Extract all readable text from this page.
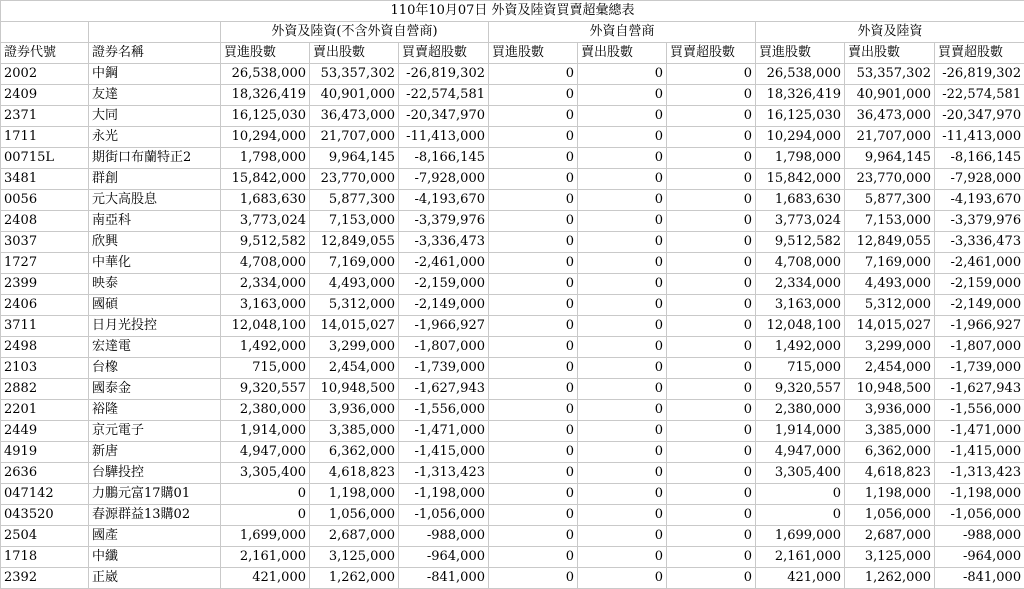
110年10月07日 外資及陸資買賣超彙總表										
		外資及陸資(不含外資自營商)			外資自營商			外資及陸資		
證券代號	證券名稱	買進股數	賣出股數	買賣超股數	買進股數	賣出股數	買賣超股數	買進股數	賣出股數	買賣超股數
2002	中鋼	26,538,000	53,357,302	-26,819,302	0	0	0	26,538,000	53,357,302	-26,819,302
2409	友達	18,326,419	40,901,000	-22,574,581	0	0	0	18,326,419	40,901,000	-22,574,581
2371	大同	16,125,030	36,473,000	-20,347,970	0	0	0	16,125,030	36,473,000	-20,347,970
1711	永光	10,294,000	21,707,000	-11,413,000	0	0	0	10,294,000	21,707,000	-11,413,000
00715L	期街口布蘭特正2	1,798,000	9,964,145	-8,166,145	0	0	0	1,798,000	9,964,145	-8,166,145
3481	群創	15,842,000	23,770,000	-7,928,000	0	0	0	15,842,000	23,770,000	-7,928,000
0056	元大高股息	1,683,630	5,877,300	-4,193,670	0	0	0	1,683,630	5,877,300	-4,193,670
2408	南亞科	3,773,024	7,153,000	-3,379,976	0	0	0	3,773,024	7,153,000	-3,379,976
3037	欣興	9,512,582	12,849,055	-3,336,473	0	0	0	9,512,582	12,849,055	-3,336,473
1727	中華化	4,708,000	7,169,000	-2,461,000	0	0	0	4,708,000	7,169,000	-2,461,000
2399	映泰	2,334,000	4,493,000	-2,159,000	0	0	0	2,334,000	4,493,000	-2,159,000
2406	國碩	3,163,000	5,312,000	-2,149,000	0	0	0	3,163,000	5,312,000	-2,149,000
3711	日月光投控	12,048,100	14,015,027	-1,966,927	0	0	0	12,048,100	14,015,027	-1,966,927
2498	宏達電	1,492,000	3,299,000	-1,807,000	0	0	0	1,492,000	3,299,000	-1,807,000
2103	台橡	715,000	2,454,000	-1,739,000	0	0	0	715,000	2,454,000	-1,739,000
2882	國泰金	9,320,557	10,948,500	-1,627,943	0	0	0	9,320,557	10,948,500	-1,627,943
2201	裕隆	2,380,000	3,936,000	-1,556,000	0	0	0	2,380,000	3,936,000	-1,556,000
2449	京元電子	1,914,000	3,385,000	-1,471,000	0	0	0	1,914,000	3,385,000	-1,471,000
4919	新唐	4,947,000	6,362,000	-1,415,000	0	0	0	4,947,000	6,362,000	-1,415,000
2636	台驊投控	3,305,400	4,618,823	-1,313,423	0	0	0	3,305,400	4,618,823	-1,313,423
047142	力鵬元富17購01	0	1,198,000	-1,198,000	0	0	0	0	1,198,000	-1,198,000
043520	春源群益13購02	0	1,056,000	-1,056,000	0	0	0	0	1,056,000	-1,056,000
2504	國產	1,699,000	2,687,000	-988,000	0	0	0	1,699,000	2,687,000	-988,000
1718	中纖	2,161,000	3,125,000	-964,000	0	0	0	2,161,000	3,125,000	-964,000
2392	正崴	421,000	1,262,000	-841,000	0	0	0	421,000	1,262,000	-841,000
